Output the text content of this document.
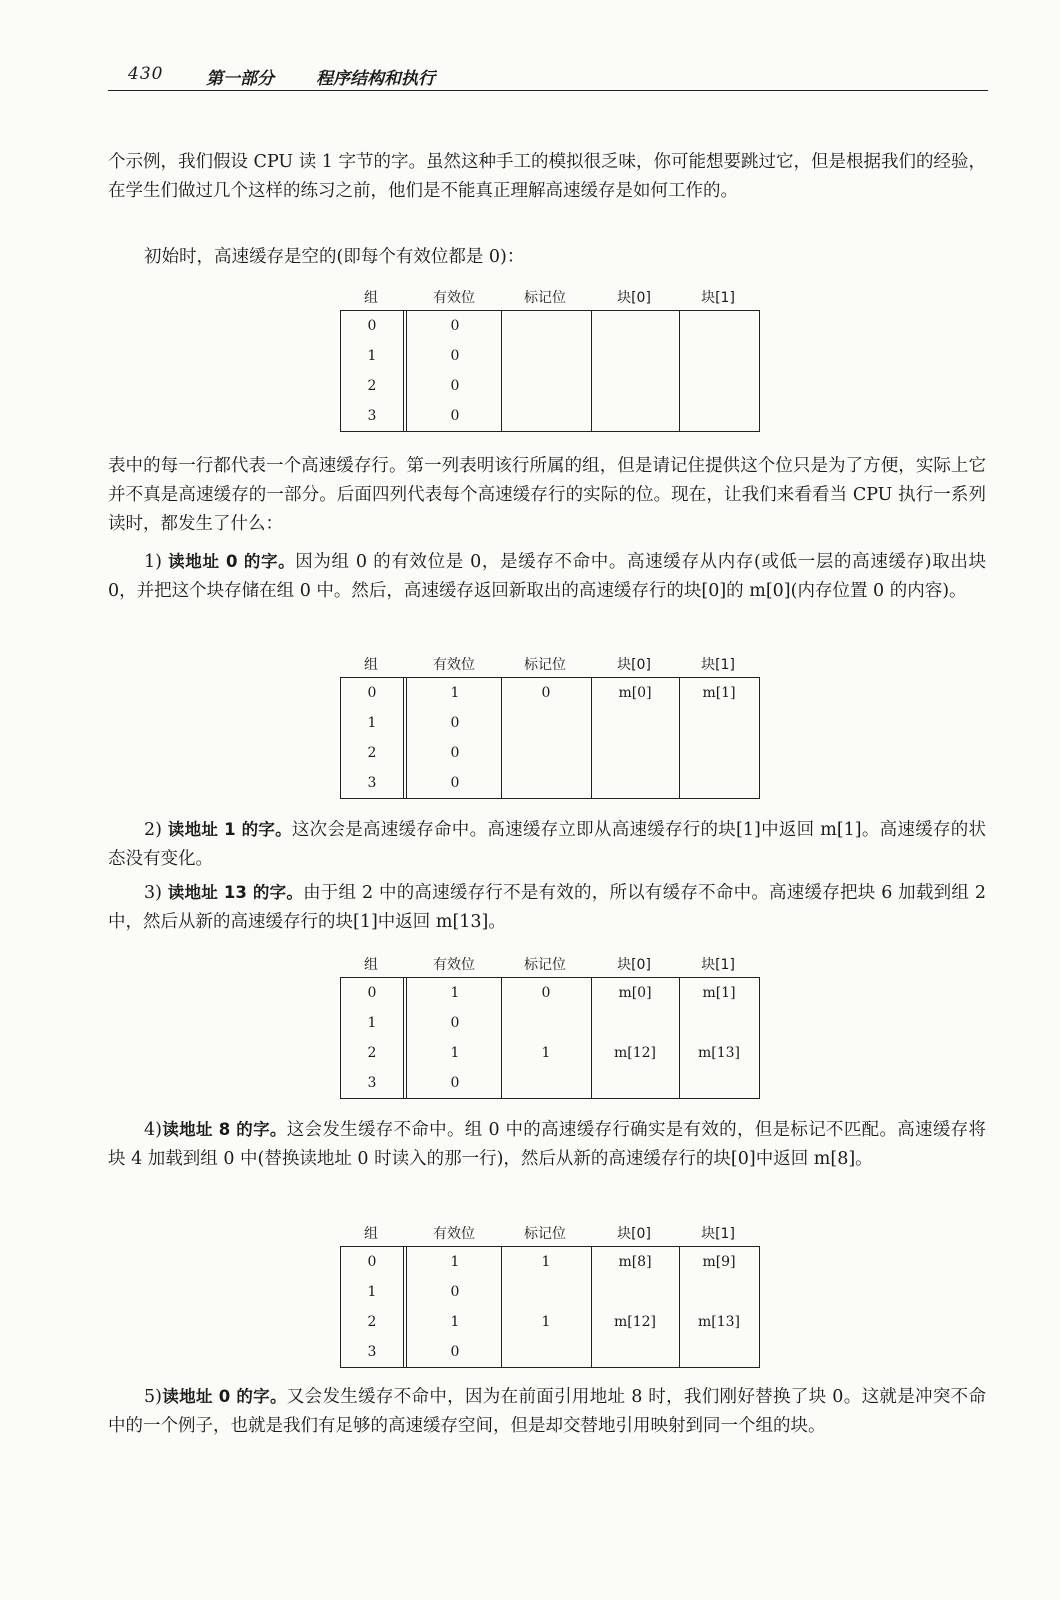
430	第一部分 程序结构和执行

个示例，我们假设 CPU 读 1 字节的字。虽然这种手工的模拟很乏味，你可能想要跳过它，但是根据我们的经验，在学生们做过几个这样的练习之前，他们是不能真正理解高速缓存是如何工作的。

初始时，高速缓存是空的(即每个有效位都是 0)：

组	有效位	标记位	块[0]	块[1]
0	0
1	0
2	0
3	0

表中的每一行都代表一个高速缓存行。第一列表明该行所属的组，但是请记住提供这个位只是为了方便，实际上它并不真是高速缓存的一部分。后面四列代表每个高速缓存行的实际的位。现在，让我们来看看当 CPU 执行一系列读时，都发生了什么：

1) 读地址 0 的字。因为组 0 的有效位是 0，是缓存不命中。高速缓存从内存(或低一层的高速缓存)取出块 0，并把这个块存储在组 0 中。然后，高速缓存返回新取出的高速缓存行的块[0]的 m[0](内存位置 0 的内容)。

组	有效位	标记位	块[0]	块[1]
0	1	0	m[0]	m[1]
1	0
2	0
3	0

2) 读地址 1 的字。这次会是高速缓存命中。高速缓存立即从高速缓存行的块[1]中返回 m[1]。高速缓存的状态没有变化。

3) 读地址 13 的字。由于组 2 中的高速缓存行不是有效的，所以有缓存不命中。高速缓存把块 6 加载到组 2 中，然后从新的高速缓存行的块[1]中返回 m[13]。

组	有效位	标记位	块[0]	块[1]
0	1	0	m[0]	m[1]
1	0
2	1	1	m[12]	m[13]
3	0

4)读地址 8 的字。这会发生缓存不命中。组 0 中的高速缓存行确实是有效的，但是标记不匹配。高速缓存将块 4 加载到组 0 中(替换读地址 0 时读入的那一行)，然后从新的高速缓存行的块[0]中返回 m[8]。

组	有效位	标记位	块[0]	块[1]
0	1	1	m[8]	m[9]
1	0
2	1	1	m[12]	m[13]
3	0

5)读地址 0 的字。又会发生缓存不命中，因为在前面引用地址 8 时，我们刚好替换了块 0。这就是冲突不命中的一个例子，也就是我们有足够的高速缓存空间，但是却交替地引用映射到同一个组的块。
